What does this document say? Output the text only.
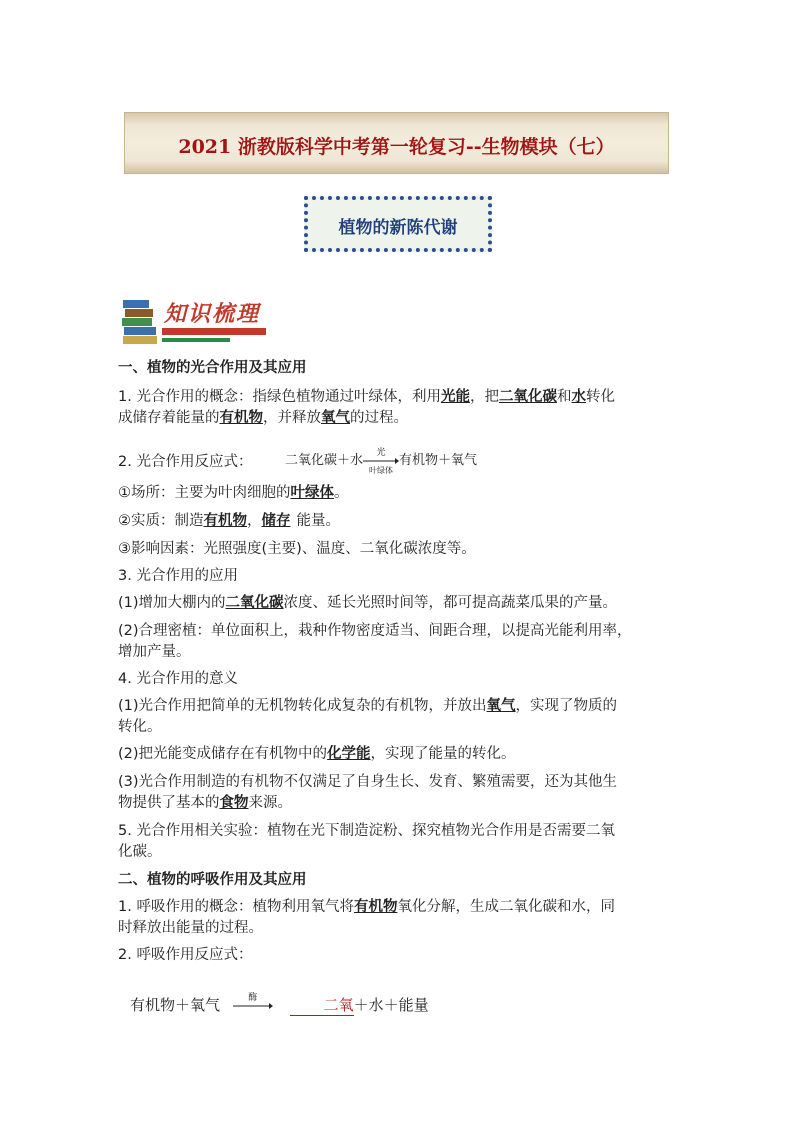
2021 浙教版科学中考第一轮复习--生物模块（七）
植物的新陈代谢
知识梳理
一、植物的光合作用及其应用
1. 光合作用的概念：指绿色植物通过叶绿体，利用光能，把二氧化碳和水转化
成储存着能量的有机物，并释放氧气的过程。
2. 光合作用反应式：	二氧化碳＋水
光
叶绿体
有机物＋氧气
①场所：主要为叶肉细胞的叶绿体。
②实质：制造有机物，储存 能量。
③影响因素：光照强度(主要)、温度、二氧化碳浓度等。
3. 光合作用的应用
(1)增加大棚内的二氧化碳浓度、延长光照时间等，都可提高蔬菜瓜果的产量。
(2)合理密植：单位面积上，栽种作物密度适当、间距合理，以提高光能利用率，
增加产量。
4. 光合作用的意义
(1)光合作用把简单的无机物转化成复杂的有机物，并放出氧气，实现了物质的
转化。
(2)把光能变成储存在有机物中的化学能，实现了能量的转化。
(3)光合作用制造的有机物不仅满足了自身生长、发育、繁殖需要，还为其他生
物提供了基本的食物来源。
5. 光合作用相关实验：植物在光下制造淀粉、探究植物光合作用是否需要二氧
化碳。
二、植物的呼吸作用及其应用
1. 呼吸作用的概念：植物利用氧气将有机物氧化分解，生成二氧化碳和水，同
时释放出能量的过程。
2. 呼吸作用反应式：
有机物＋氧气	酶	二氧＋水＋能量
